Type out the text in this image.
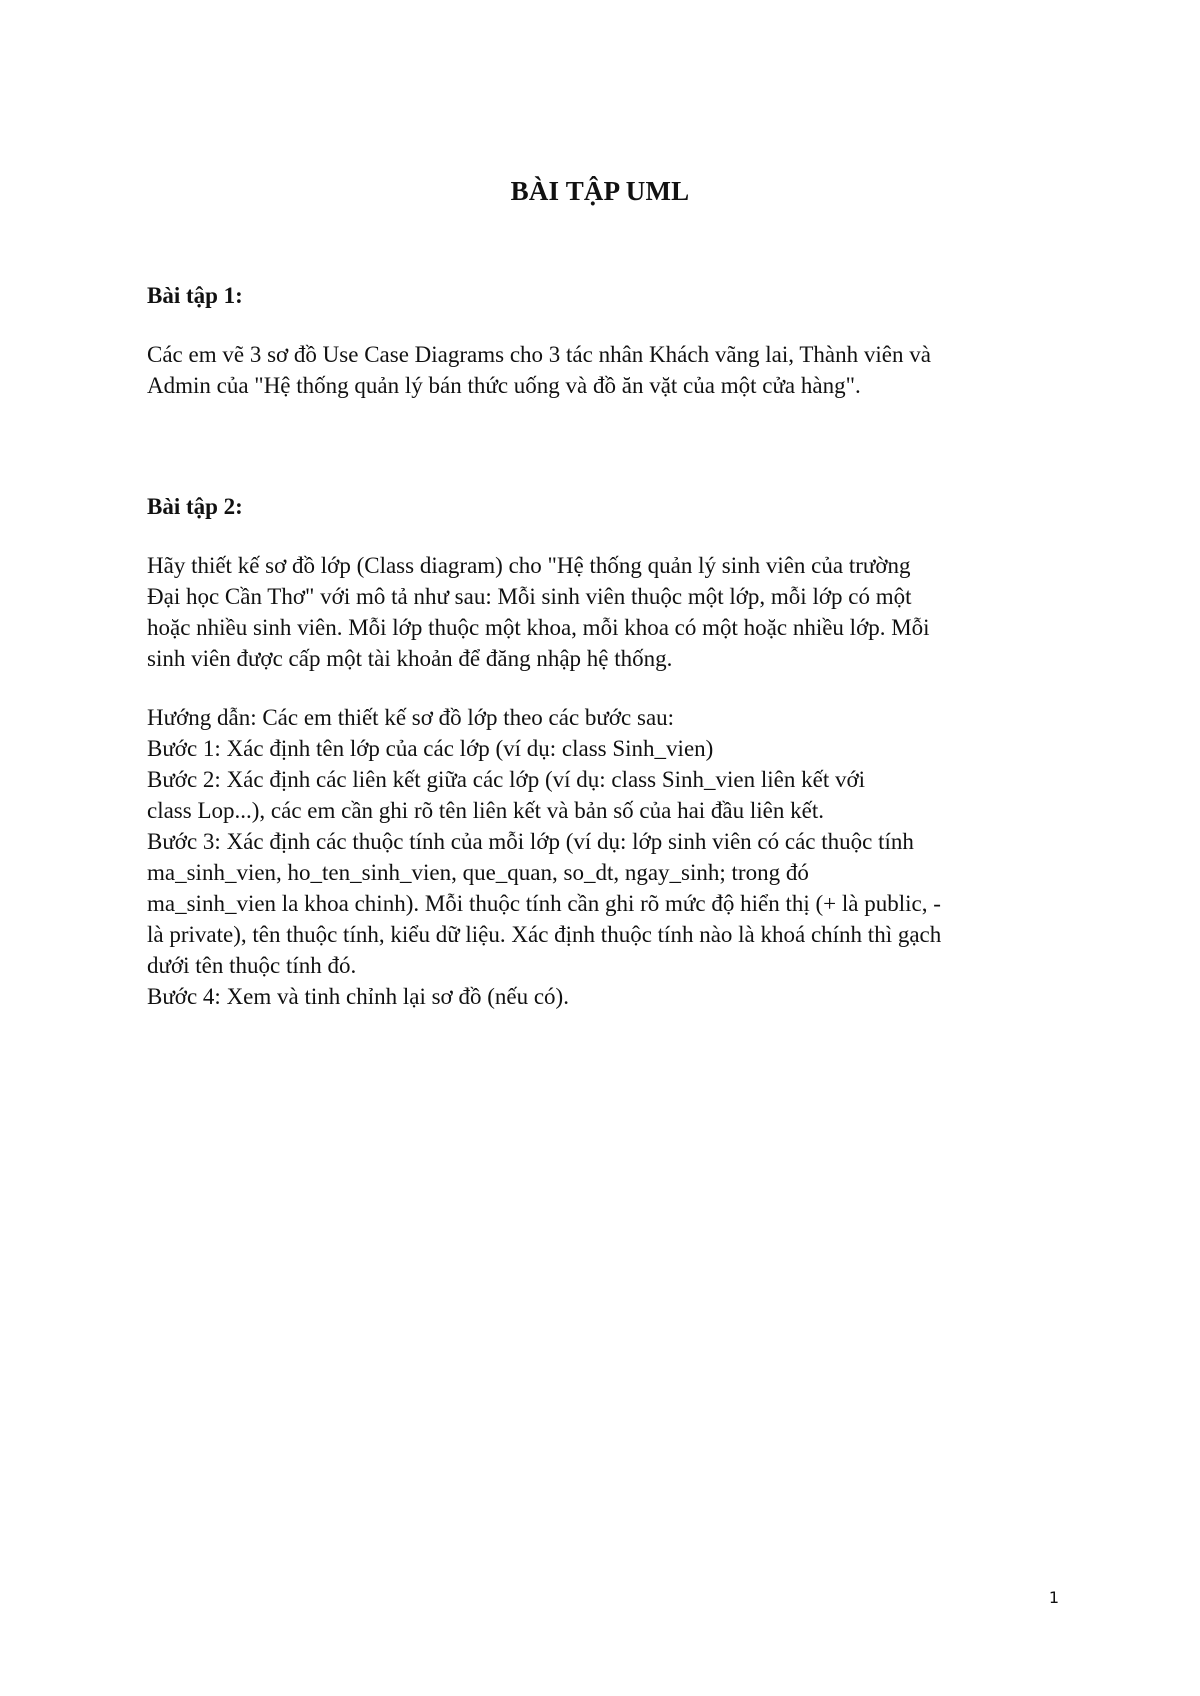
BÀI TẬP UML
Bài tập 1:
Các em vẽ 3 sơ đồ Use Case Diagrams cho 3 tác nhân Khách vãng lai, Thành viên và
Admin của "Hệ thống quản lý bán thức uống và đồ ăn vặt của một cửa hàng".
Bài tập 2:
Hãy thiết kế sơ đồ lớp (Class diagram) cho "Hệ thống quản lý sinh viên của trường
Đại học Cần Thơ" với mô tả như sau: Mỗi sinh viên thuộc một lớp, mỗi lớp có một
hoặc nhiều sinh viên. Mỗi lớp thuộc một khoa, mỗi khoa có một hoặc nhiều lớp. Mỗi
sinh viên được cấp một tài khoản để đăng nhập hệ thống.
Hướng dẫn: Các em thiết kế sơ đồ lớp theo các bước sau:
Bước 1: Xác định tên lớp của các lớp (ví dụ: class Sinh_vien)
Bước 2: Xác định các liên kết giữa các lớp (ví dụ: class Sinh_vien liên kết với
class Lop...), các em cần ghi rõ tên liên kết và bản số của hai đầu liên kết.
Bước 3: Xác định các thuộc tính của mỗi lớp (ví dụ: lớp sinh viên có các thuộc tính
ma_sinh_vien, ho_ten_sinh_vien, que_quan, so_dt, ngay_sinh; trong đó
ma_sinh_vien la khoa chinh). Mỗi thuộc tính cần ghi rõ mức độ hiển thị (+ là public, -
là private), tên thuộc tính, kiểu dữ liệu. Xác định thuộc tính nào là khoá chính thì gạch
dưới tên thuộc tính đó.
Bước 4: Xem và tinh chỉnh lại sơ đồ (nếu có).
1
